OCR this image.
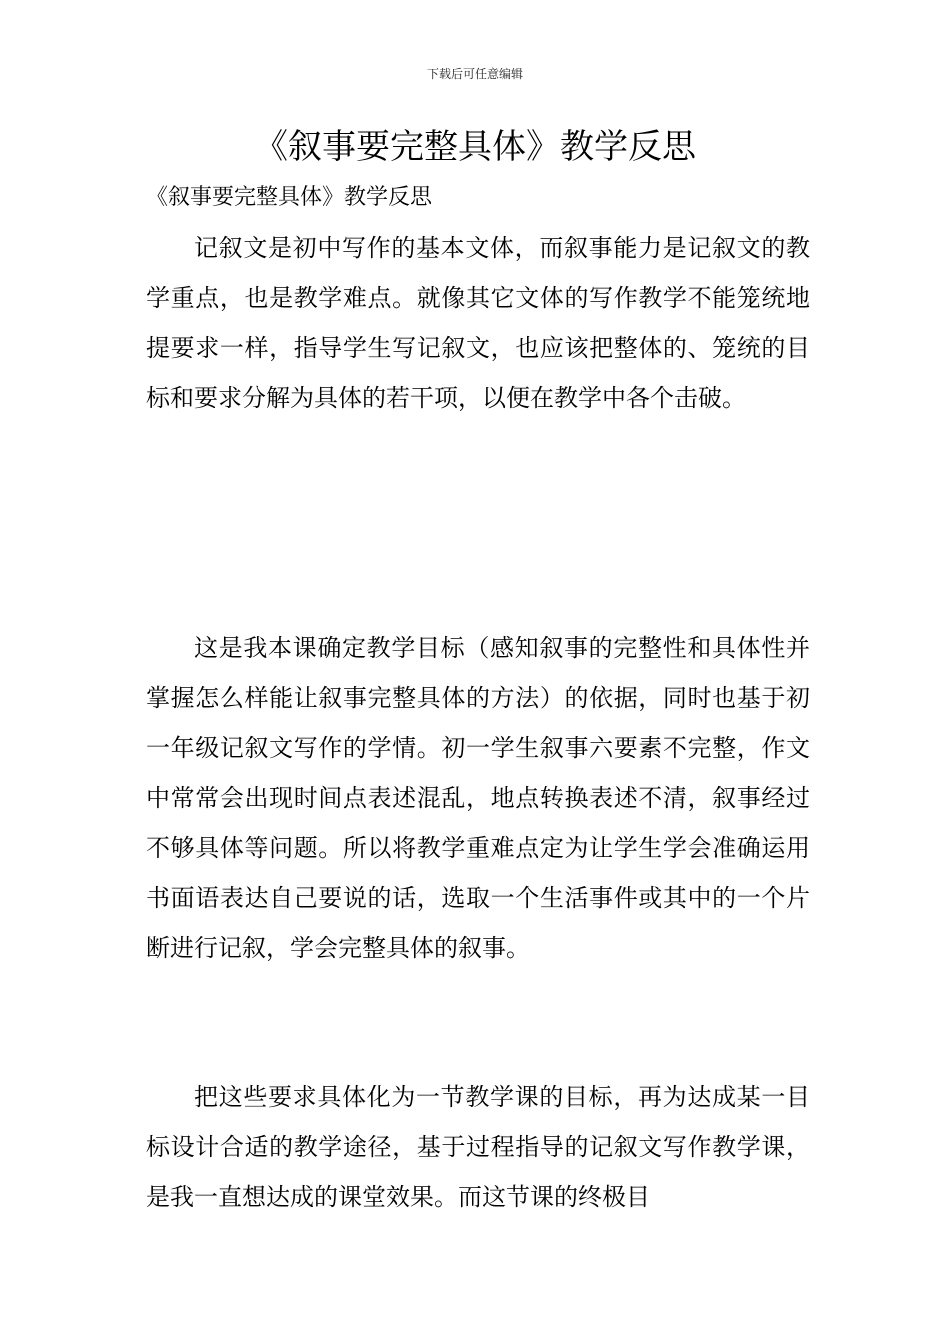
下载后可任意编辑
《叙事要完整具体》教学反思
《叙事要完整具体》教学反思

记叙文是初中写作的基本文体，而叙事能力是记叙文的教学重点，也是教学难点。就像其它文体的写作教学不能笼统地提要求一样，指导学生写记叙文，也应该把整体的、笼统的目标和要求分解为具体的若干项，以便在教学中各个击破。

这是我本课确定教学目标（感知叙事的完整性和具体性并掌握怎么样能让叙事完整具体的方法）的依据，同时也基于初一年级记叙文写作的学情。初一学生叙事六要素不完整，作文中常常会出现时间点表述混乱，地点转换表述不清，叙事经过不够具体等问题。所以将教学重难点定为让学生学会准确运用书面语表达自己要说的话，选取一个生活事件或其中的一个片断进行记叙，学会完整具体的叙事。

把这些要求具体化为一节教学课的目标，再为达成某一目标设计合适的教学途径，基于过程指导的记叙文写作教学课，是我一直想达成的课堂效果。而这节课的终极目
